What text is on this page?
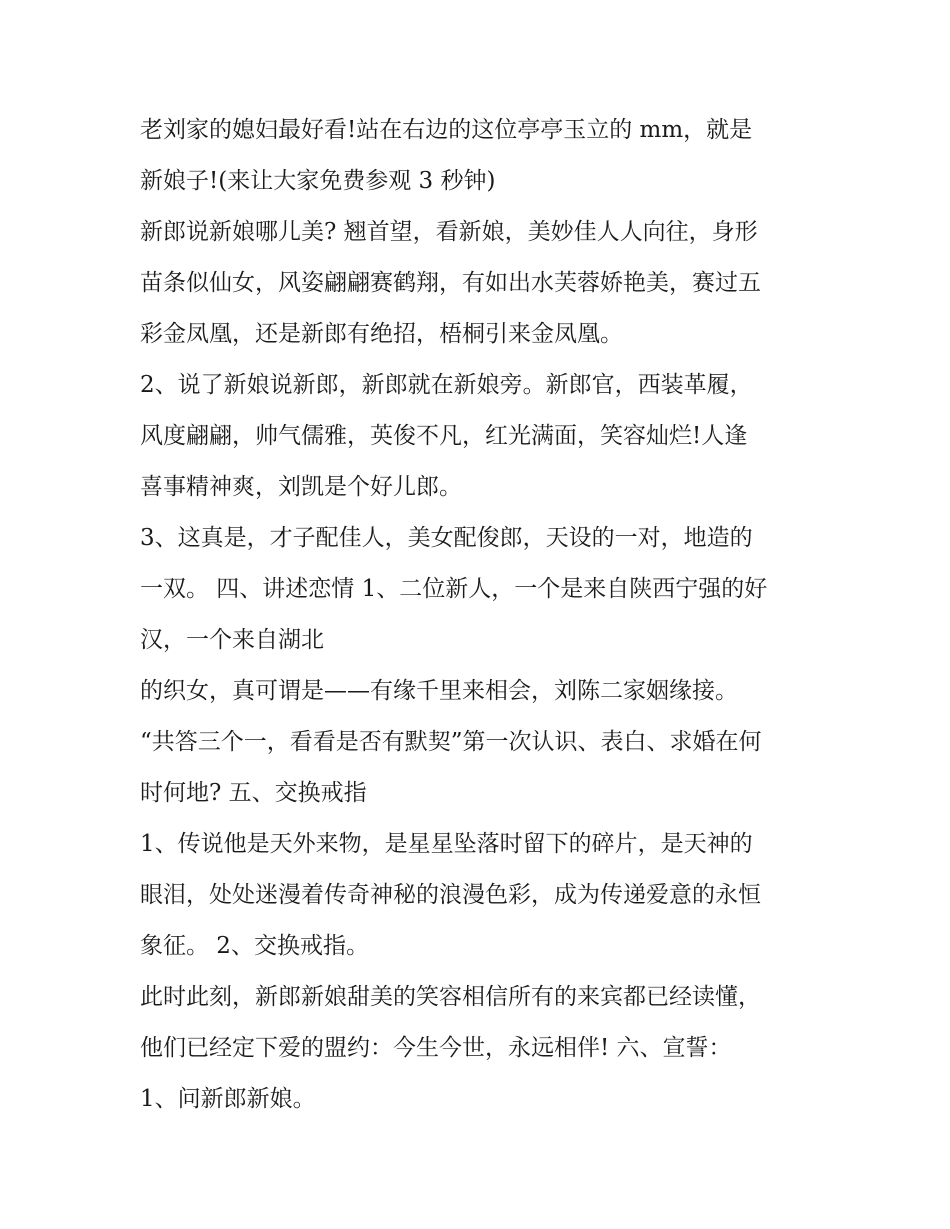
老刘家的媳妇最好看!站在右边的这位亭亭玉立的 mm，就是
新娘子!(来让大家免费参观 3 秒钟)
新郎说新娘哪儿美? 翘首望，看新娘，美妙佳人人向往，身形
苗条似仙女，风姿翩翩赛鹤翔，有如出水芙蓉娇艳美，赛过五
彩金凤凰，还是新郎有绝招，梧桐引来金凤凰。
2、说了新娘说新郎，新郎就在新娘旁。新郎官，西装革履，
风度翩翩，帅气儒雅，英俊不凡，红光满面，笑容灿烂!人逢
喜事精神爽，刘凯是个好儿郎。
3、这真是，才子配佳人，美女配俊郎，天设的一对，地造的
一双。 四、讲述恋情 1、二位新人，一个是来自陕西宁强的好
汉，一个来自湖北
的织女，真可谓是——有缘千里来相会，刘陈二家姻缘接。
“共答三个一，看看是否有默契”第一次认识、表白、求婚在何
时何地? 五、交换戒指
1、传说他是天外来物，是星星坠落时留下的碎片，是天神的
眼泪，处处迷漫着传奇神秘的浪漫色彩，成为传递爱意的永恒
象征。 2、交换戒指。
此时此刻，新郎新娘甜美的笑容相信所有的来宾都已经读懂，
他们已经定下爱的盟约：今生今世，永远相伴! 六、宣誓：
1、问新郎新娘。
